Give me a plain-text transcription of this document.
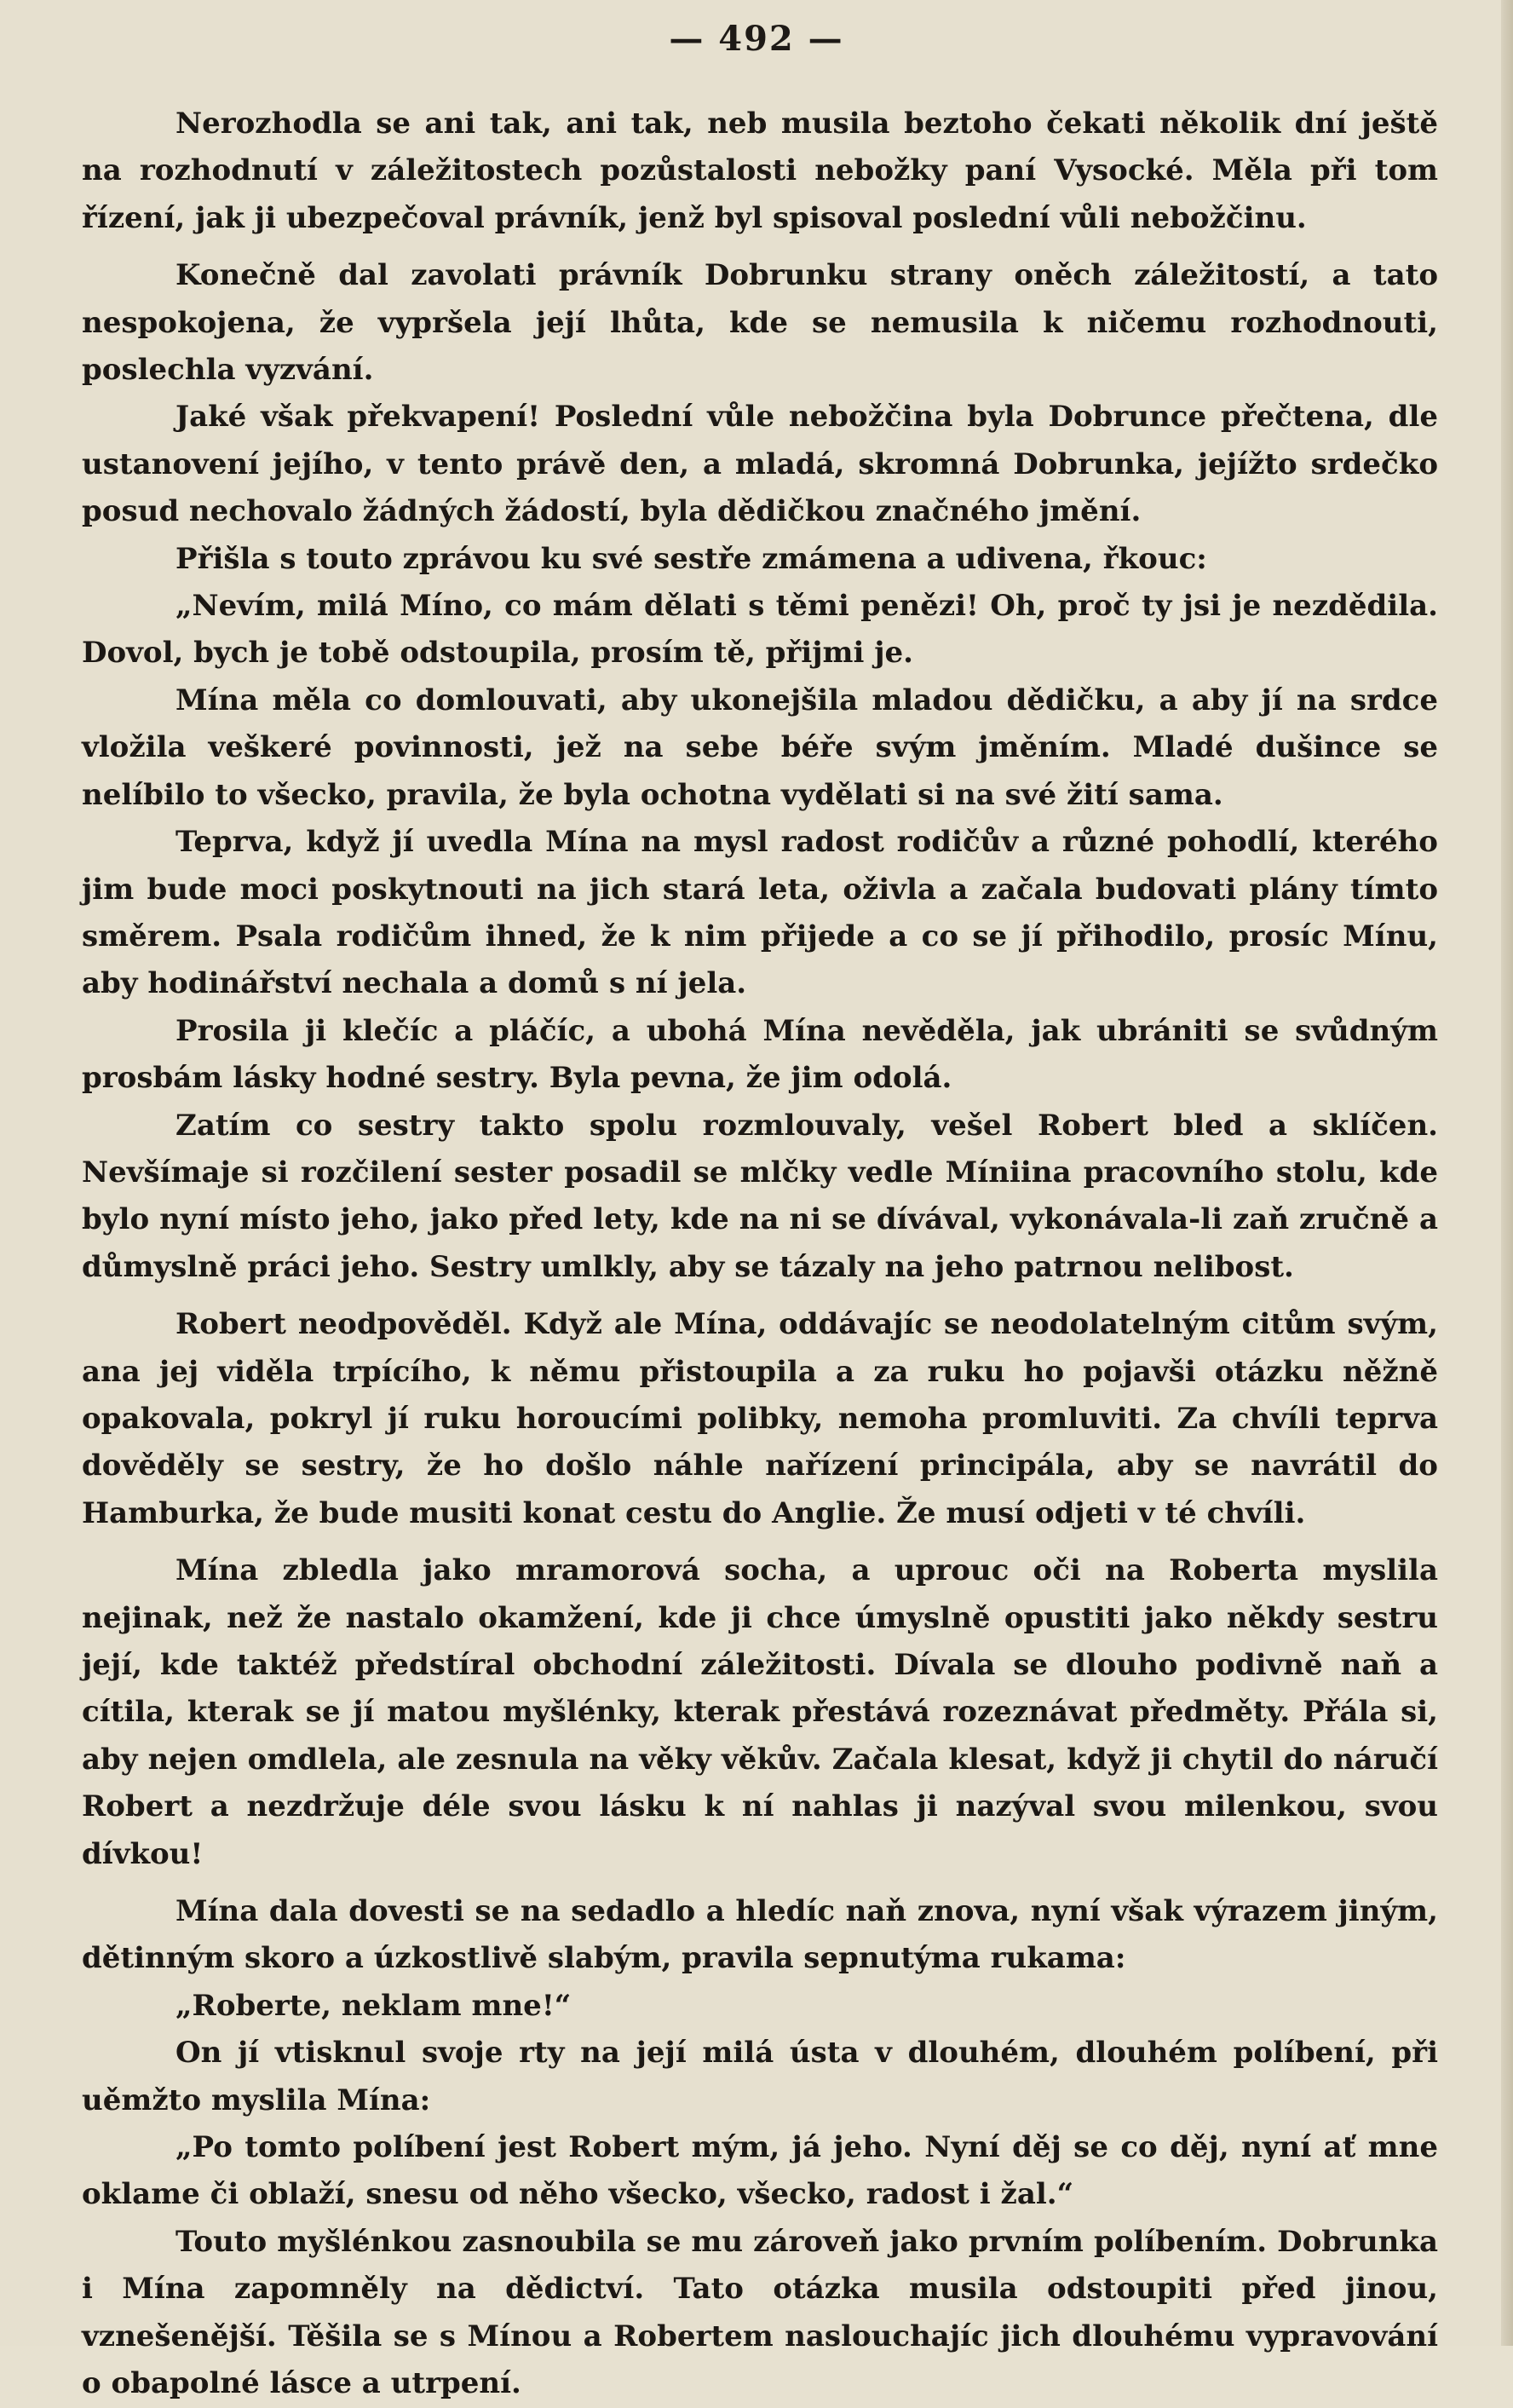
— 492 —

Nerozhodla se ani tak, ani tak, neb musila beztoho čekati několik dní ještě na rozhodnutí v záležitostech pozůstalosti nebožky paní Vysocké. Měla při tom řízení, jak ji ubezpečoval právník, jenž byl spisoval poslední vůli nebožčinu.

Konečně dal zavolati právník Dobrunku strany oněch záležitostí, a tato nespokojena, že vypršela její lhůta, kde se nemusila k ničemu rozhodnouti, poslechla vyzvání.

Jaké však překvapení! Poslední vůle nebožčina byla Dobrunce přečtena, dle ustanovení jejího, v tento právě den, a mladá, skromná Dobrunka, jejížto srdečko posud nechovalo žádných žádostí, byla dědičkou značného jmění.

Přišla s touto zprávou ku své sestře zmámena a udivena, řkouc:

„Nevím, milá Míno, co mám dělati s těmi penězi! Oh, proč ty jsi je nezdědila. Dovol, bych je tobě odstoupila, prosím tě, přijmi je.

Mína měla co domlouvati, aby ukonejšila mladou dědičku, a aby jí na srdce vložila veškeré povinnosti, jež na sebe béře svým jměním. Mladé dušince se nelíbilo to všecko, pravila, že byla ochotna vydělati si na své žití sama.

Teprva, když jí uvedla Mína na mysl radost rodičův a různé pohodlí, kterého jim bude moci poskytnouti na jich stará leta, oživla a začala budovati plány tímto směrem. Psala rodičům ihned, že k nim přijede a co se jí přihodilo, prosíc Mínu, aby hodinářství nechala a domů s ní jela.

Prosila ji klečíc a pláčíc, a ubohá Mína nevěděla, jak ubrániti se svůdným prosbám lásky hodné sestry. Byla pevna, že jim odolá.

Zatím co sestry takto spolu rozmlouvaly, vešel Robert bled a sklíčen. Nevšímaje si rozčilení sester posadil se mlčky vedle Míniina pracovního stolu, kde bylo nyní místo jeho, jako před lety, kde na ni se dívával, vykonávala-li zaň zručně a důmyslně práci jeho. Sestry umlkly, aby se tázaly na jeho patrnou nelibost.

Robert neodpověděl. Když ale Mína, oddávajíc se neodolatelným citům svým, ana jej viděla trpícího, k němu přistoupila a za ruku ho pojavši otázku něžně opakovala, pokryl jí ruku horoucími polibky, nemoha promluviti. Za chvíli teprva dověděly se sestry, že ho došlo náhle nařízení principála, aby se navrátil do Hamburka, že bude musiti konat cestu do Anglie. Že musí odjeti v té chvíli.

Mína zbledla jako mramorová socha, a uprouc oči na Roberta myslila nejinak, než že nastalo okamžení, kde ji chce úmyslně opustiti jako někdy sestru její, kde taktéž předstíral obchodní záležitosti. Dívala se dlouho podivně naň a cítila, kterak se jí matou myšlénky, kterak přestává rozeznávat předměty. Přála si, aby nejen omdlela, ale zesnula na věky věkův. Začala klesat, když ji chytil do náručí Robert a nezdržuje déle svou lásku k ní nahlas ji nazýval svou milenkou, svou dívkou!

Mína dala dovesti se na sedadlo a hledíc naň znova, nyní však výrazem jiným, dětinným skoro a úzkostlivě slabým, pravila sepnutýma rukama:

„Roberte, neklam mne!“

On jí vtisknul svoje rty na její milá ústa v dlouhém, dlouhém políbení, při uěmžto myslila Mína:

„Po tomto políbení jest Robert mým, já jeho. Nyní děj se co děj, nyní ať mne oklame či oblaží, snesu od něho všecko, všecko, radost i žal.“

Touto myšlénkou zasnoubila se mu zároveň jako prvním políbením. Dobrunka i Mína zapomněly na dědictví. Tato otázka musila odstoupiti před jinou, vznešenější. Těšila se s Mínou a Robertem naslouchajíc jich dlouhému vypravování o obapolné lásce a utrpení.
